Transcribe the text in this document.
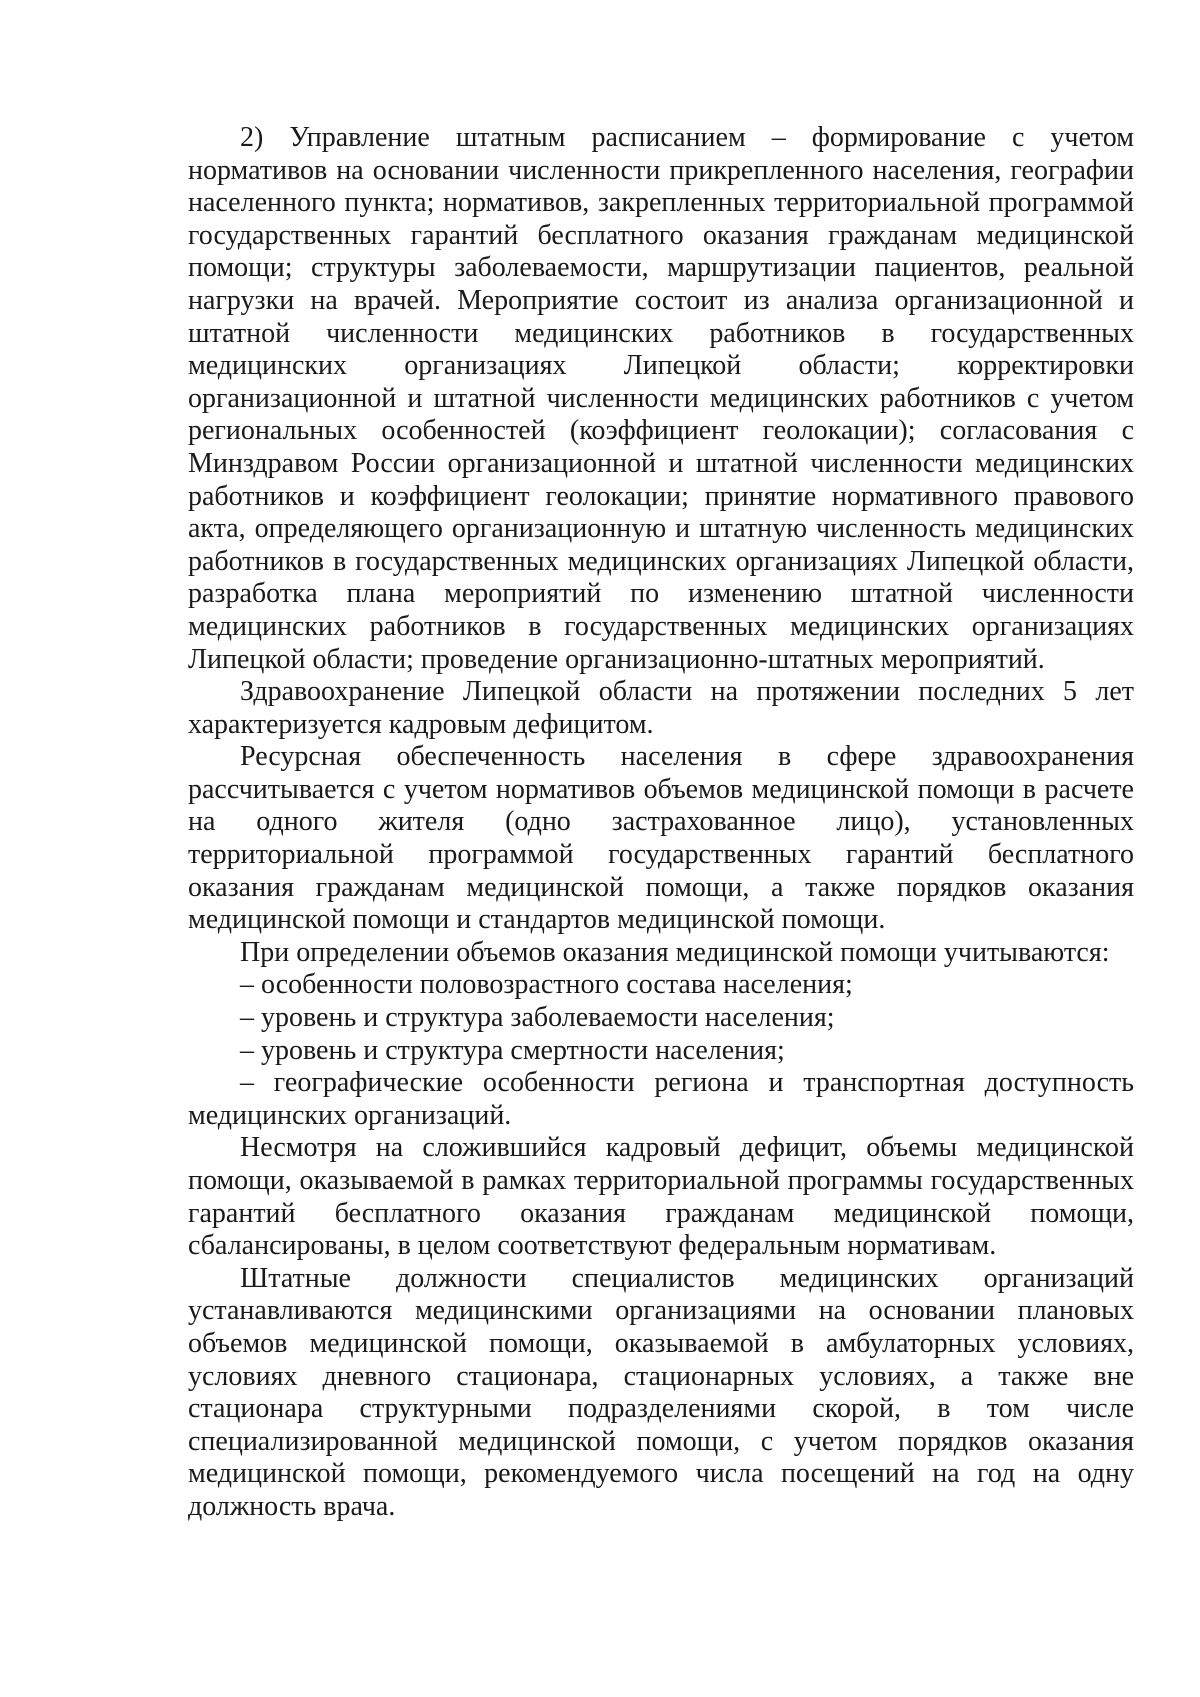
2) Управление штатным расписанием – формирование с учетом нормативов на основании численности прикрепленного населения, географии населенного пункта; нормативов, закрепленных территориальной программой государственных гарантий бесплатного оказания гражданам медицинской помощи; структуры заболеваемости, маршрутизации пациентов, реальной нагрузки на врачей. Мероприятие состоит из анализа организационной и штатной численности медицинских работников в государственных медицинских организациях Липецкой области; корректировки организационной и штатной численности медицинских работников с учетом региональных особенностей (коэффициент геолокации); согласования с Минздравом России организационной и штатной численности медицинских работников и коэффициент геолокации; принятие нормативного правового акта, определяющего организационную и штатную численность медицинских работников в государственных медицинских организациях Липецкой области, разработка плана мероприятий по изменению штатной численности медицинских работников в государственных медицинских организациях Липецкой области; проведение организационно-штатных мероприятий.

Здравоохранение Липецкой области на протяжении последних 5 лет характеризуется кадровым дефицитом.

Ресурсная обеспеченность населения в сфере здравоохранения рассчитывается с учетом нормативов объемов медицинской помощи в расчете на одного жителя (одно застрахованное лицо), установленных территориальной программой государственных гарантий бесплатного оказания гражданам медицинской помощи, а также порядков оказания медицинской помощи и стандартов медицинской помощи.

При определении объемов оказания медицинской помощи учитываются:

– особенности половозрастного состава населения;

– уровень и структура заболеваемости населения;

– уровень и структура смертности населения;

– географические особенности региона и транспортная доступность медицинских организаций.

Несмотря на сложившийся кадровый дефицит, объемы медицинской помощи, оказываемой в рамках территориальной программы государственных гарантий бесплатного оказания гражданам медицинской помощи, сбалансированы, в целом соответствуют федеральным нормативам.

Штатные должности специалистов медицинских организаций устанавливаются медицинскими организациями на основании плановых объемов медицинской помощи, оказываемой в амбулаторных условиях, условиях дневного стационара, стационарных условиях, а также вне стационара структурными подразделениями скорой, в том числе специализированной медицинской помощи, с учетом порядков оказания медицинской помощи, рекомендуемого числа посещений на год на одну должность врача.
